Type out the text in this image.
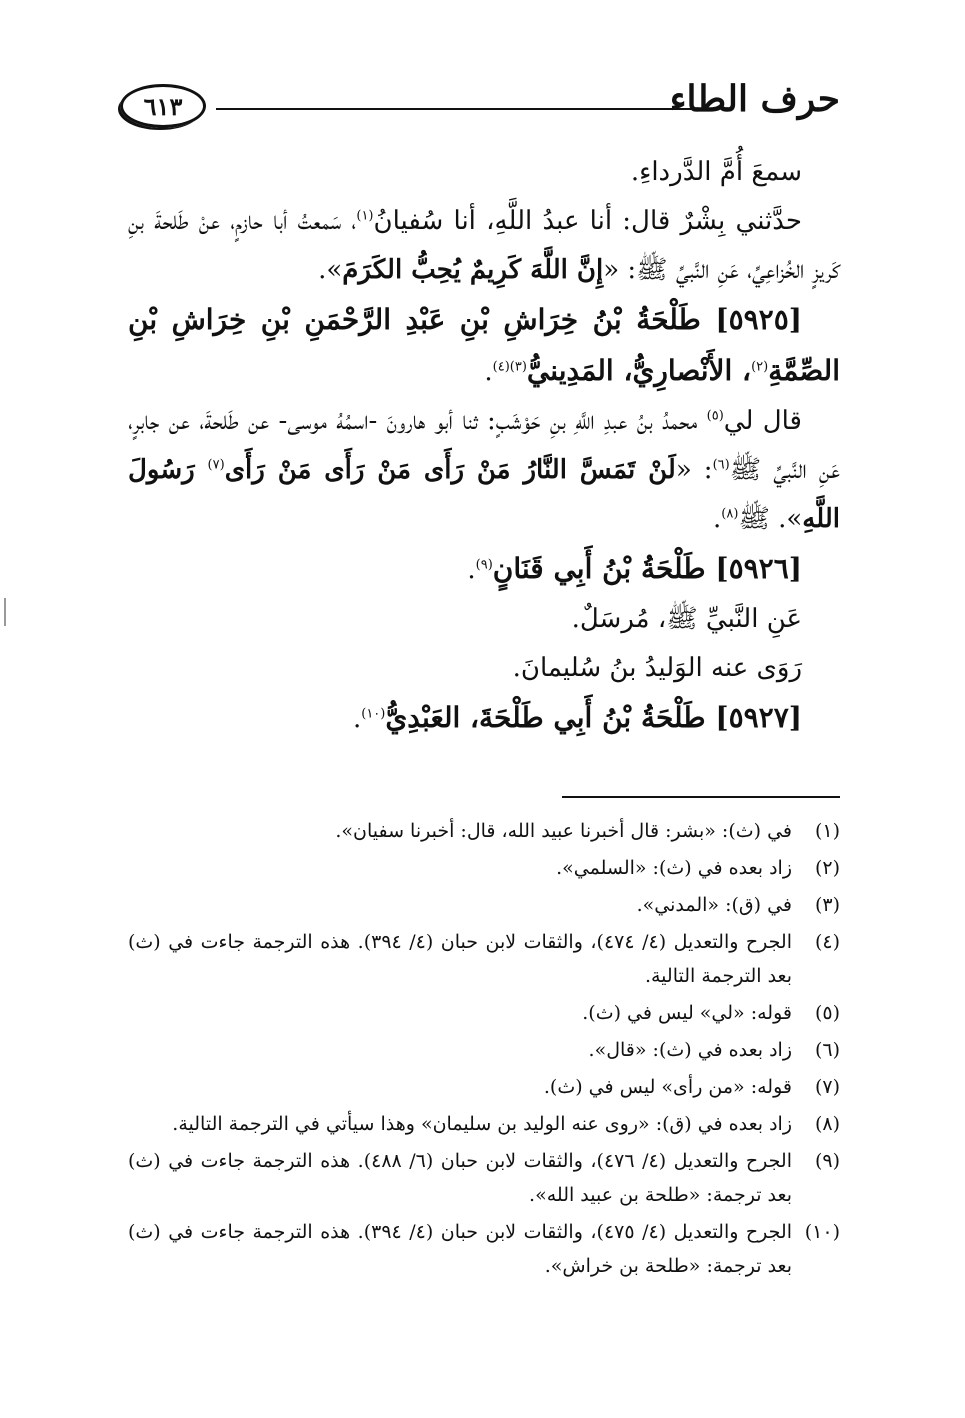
٦١٣	حرف الطاء

سمعَ أُمَّ الدَّرداءِ.

حدَّثني بِشْرٌ قال: أنا عبدُ اللَّهِ، أنا سُفيانُ$^{(١)}$، سَمعتُ أبا حازمٍ، عنْ طَلحةَ بنِ كَريزٍ الخُزاعِيِّ، عَنِ النَّبيِّ ﷺ: «إِنَّ اللَّهَ كَرِيمٌ يُحِبُّ الكَرَمَ».

[٥٩٢٥] طَلْحَةُ بْنُ خِرَاشِ بْنِ عَبْدِ الرَّحْمَنِ بْنِ خِرَاشِ بْنِ الصِّمَّةِ$^{(٢)}$، الأَنْصارِيُّ، المَدِينيُّ$^{(٣)(٤)}$.

قال لي$^{(٥)}$ محمدُ بنُ عبدِ اللَّهِ بنِ حَوْشَبٍ: ثنا أبو هارونَ -اسمُهُ موسى- عن طَلحةَ، عن جابرٍ، عَنِ النَّبيِّ ﷺ$^{(٦)}$: «لَنْ تَمَسَّ النَّارُ مَنْ رَأَى مَنْ رَأَى مَنْ رَأَى$^{(٧)}$ رَسُولَ اللَّهِ». ﷺ$^{(٨)}$.

[٥٩٢٦] طَلْحَةُ بْنُ أَبِي قَنَانٍ$^{(٩)}$.

عَنِ النَّبيِّ ﷺ، مُرسَلٌ.

رَوَى عنه الوَليدُ بنُ سُليمانَ.

[٥٩٢٧] طَلْحَةُ بْنُ أَبِي طَلْحَةَ، العَبْدِيُّ$^{(١٠)}$.

(١)
في (ث): «بشر: قال أخبرنا عبيد الله، قال: أخبرنا سفيان».
(٢)
زاد بعده في (ث): «السلمي».
(٣)
في (ق): «المدني».
(٤)
الجرح والتعديل (٤/ ٤٧٤)، والثقات لابن حبان (٤/ ٣٩٤). هذه الترجمة جاءت في (ث) بعد الترجمة التالية.
(٥)
قوله: «لي» ليس في (ث).
(٦)
زاد بعده في (ث): «قال».
(٧)
قوله: «من رأى» ليس في (ث).
(٨)
زاد بعده في (ق): «روى عنه الوليد بن سليمان» وهذا سيأتي في الترجمة التالية.
(٩)
الجرح والتعديل (٤/ ٤٧٦)، والثقات لابن حبان (٦/ ٤٨٨). هذه الترجمة جاءت في (ث) بعد ترجمة: «طلحة بن عبيد الله».
(١٠)
الجرح والتعديل (٤/ ٤٧٥)، والثقات لابن حبان (٤/ ٣٩٤). هذه الترجمة جاءت في (ث) بعد ترجمة: «طلحة بن خراش».
